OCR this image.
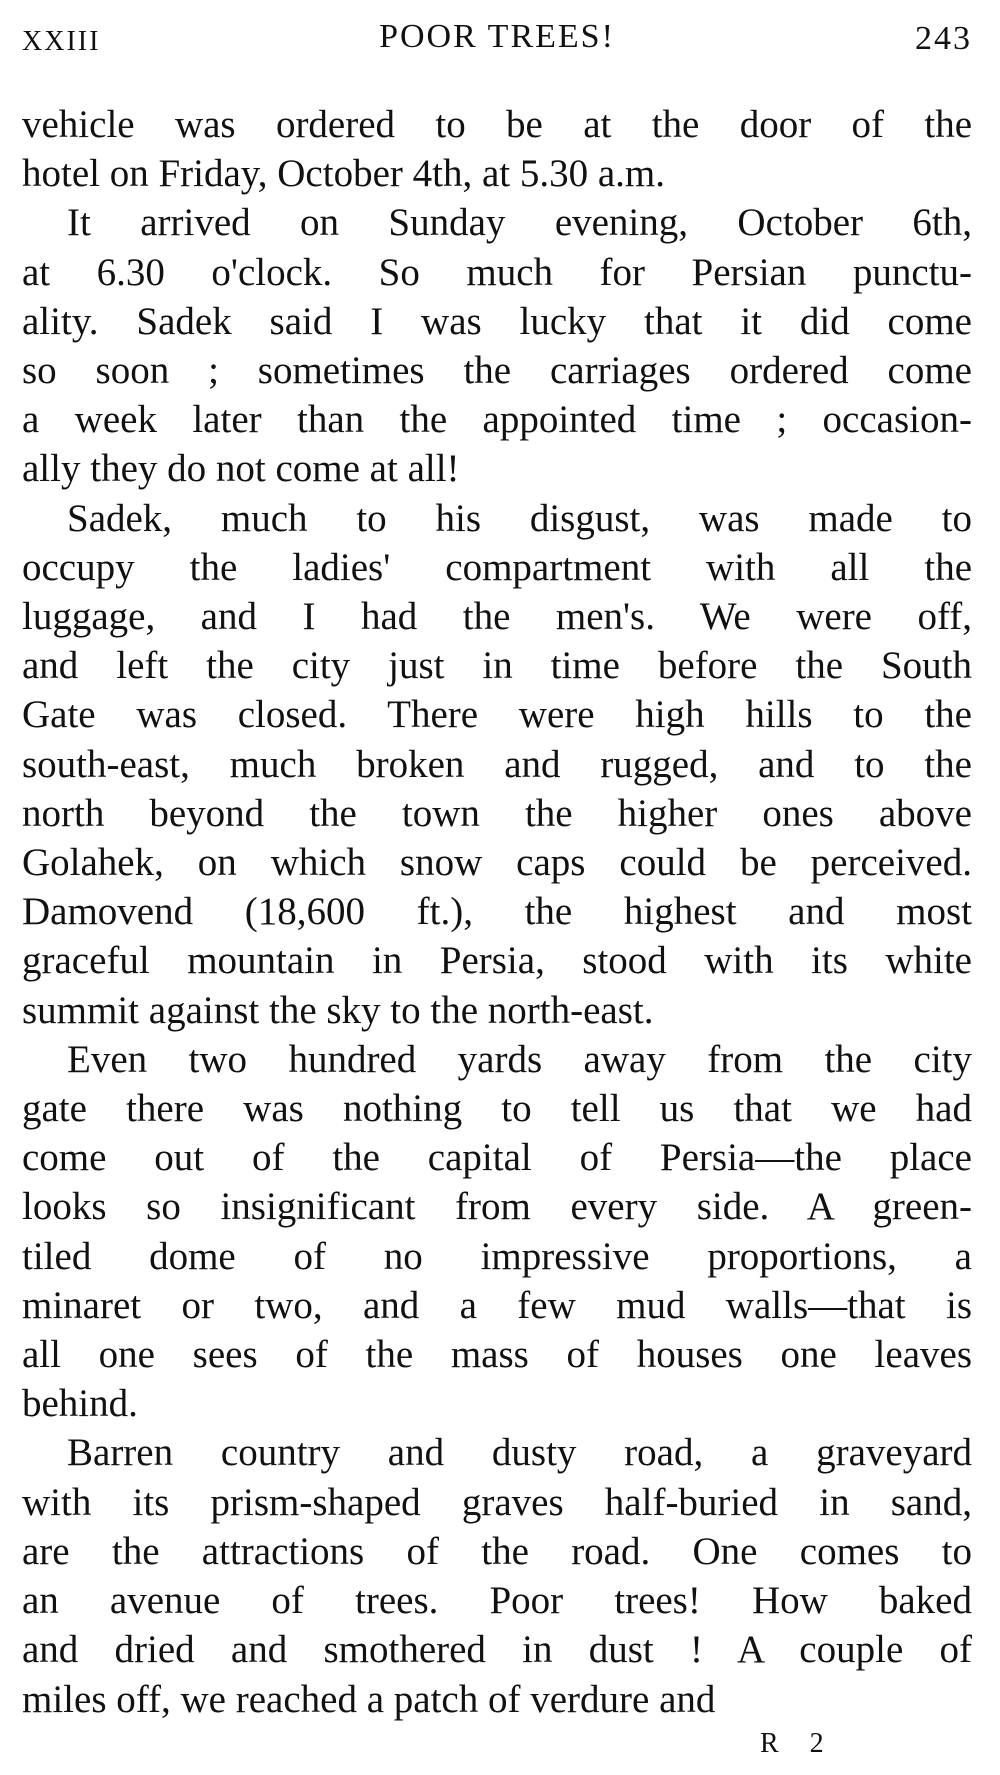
XXIII	POOR TREES!	243

vehicle was ordered to be at the door of the
hotel on Friday, October 4th, at 5.30 a.m.

It arrived on Sunday evening, October 6th,
at 6.30 o'clock. So much for Persian punctu-
ality. Sadek said I was lucky that it did come
so soon ; sometimes the carriages ordered come
a week later than the appointed time ; occasion-
ally they do not come at all!

Sadek, much to his disgust, was made to
occupy the ladies' compartment with all the
luggage, and I had the men's. We were off,
and left the city just in time before the South
Gate was closed. There were high hills to the
south-east, much broken and rugged, and to the
north beyond the town the higher ones above
Golahek, on which snow caps could be perceived.
Damovend (18,600 ft.), the highest and most
graceful mountain in Persia, stood with its white
summit against the sky to the north-east.

Even two hundred yards away from the city
gate there was nothing to tell us that we had
come out of the capital of Persia—the place
looks so insignificant from every side. A green-
tiled dome of no impressive proportions, a
minaret or two, and a few mud walls—that is
all one sees of the mass of houses one leaves
behind.

Barren country and dusty road, a graveyard
with its prism-shaped graves half-buried in sand,
are the attractions of the road. One comes to
an avenue of trees. Poor trees! How baked
and dried and smothered in dust ! A couple of
miles off, we reached a patch of verdure and

R 2
